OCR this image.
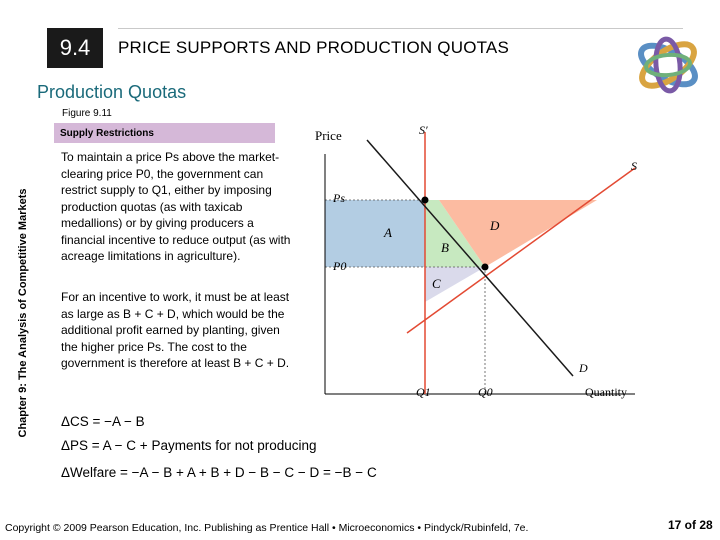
9.4	PRICE SUPPORTS AND PRODUCTION QUOTAS
Production Quotas
Chapter 9: The Analysis of Competitive Markets
Figure 9.11
Supply Restrictions
To maintain a price Ps above the market-clearing price P0, the government can restrict supply to Q1, either by imposing production quotas (as with taxicab medallions) or by giving producers a financial incentive to reduce output (as with acreage limitations in agriculture).
For an incentive to work, it must be at least as large as B + C + D, which would be the additional profit earned by planting, given the higher price Ps. The cost to the government is therefore at least B + C + D.
Price
Quantity
Ps
P0
Q1	Q0
S′
S
D
A
B
C
D
ΔCS = −A − B
ΔPS = A − C + Payments for not producing
ΔWelfare = −A − B + A + B + D − B − C − D = −B − C
Copyright © 2009 Pearson Education, Inc. Publishing as Prentice Hall • Microeconomics • Pindyck/Rubinfeld, 7e.	17 of 28
